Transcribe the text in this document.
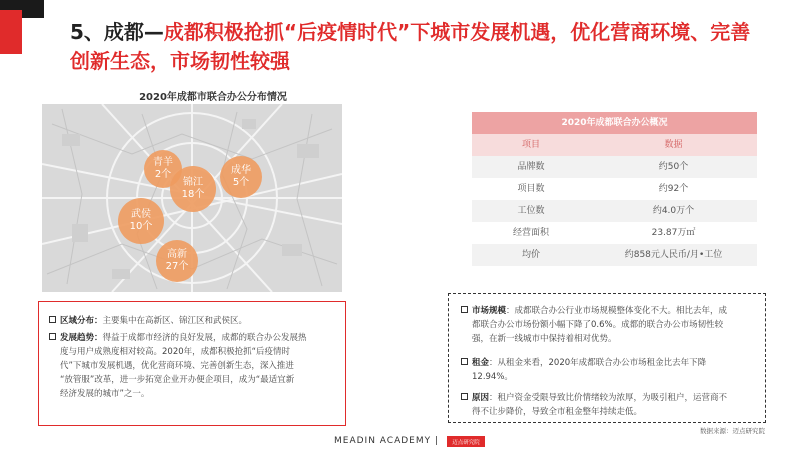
5、成都—成都积极抢抓“后疫情时代”下城市发展机遇，优化营商环境、完善创新生态，市场韧性较强
2020年成都市联合办公分布情况
青羊
2个
锦江
18个
成华
5个
武侯
10个
高新
27个
区域分布：主要集中在高新区、锦江区和武侯区。
发展趋势：得益于成都市经济的良好发展，成都的联合办公发展热
度与用户成熟度相对较高。2020年，成都积极抢抓“后疫情时
代”下城市发展机遇，优化营商环境、完善创新生态，深入推进
“放管服”改革，进一步拓宽企业开办便企项目，成为“最适宜新
经济发展的城市”之一。
2020年成都联合办公概况
项目	数据
品牌数	约50个
项目数	约92个
工位数	约4.0万个
经营面积	23.87万㎡
均价	约858元人民币/月•工位
市场规模：成都联合办公行业市场规模整体变化不大。相比去年，成
都联合办公市场份额小幅下降了0.6%。成都的联合办公市场韧性较
强，在新一线城市中保持着相对优势。
租金：从租金来看，2020年成都联合办公市场租金比去年下降
12.94%。
原因：租户资金受限导致比价情绪较为浓厚，为吸引租户，运营商不
得不让步降价，导致全市租金整年持续走低。
数据来源：迈点研究院
MEADIN ACADEMY | 迈点研究院
